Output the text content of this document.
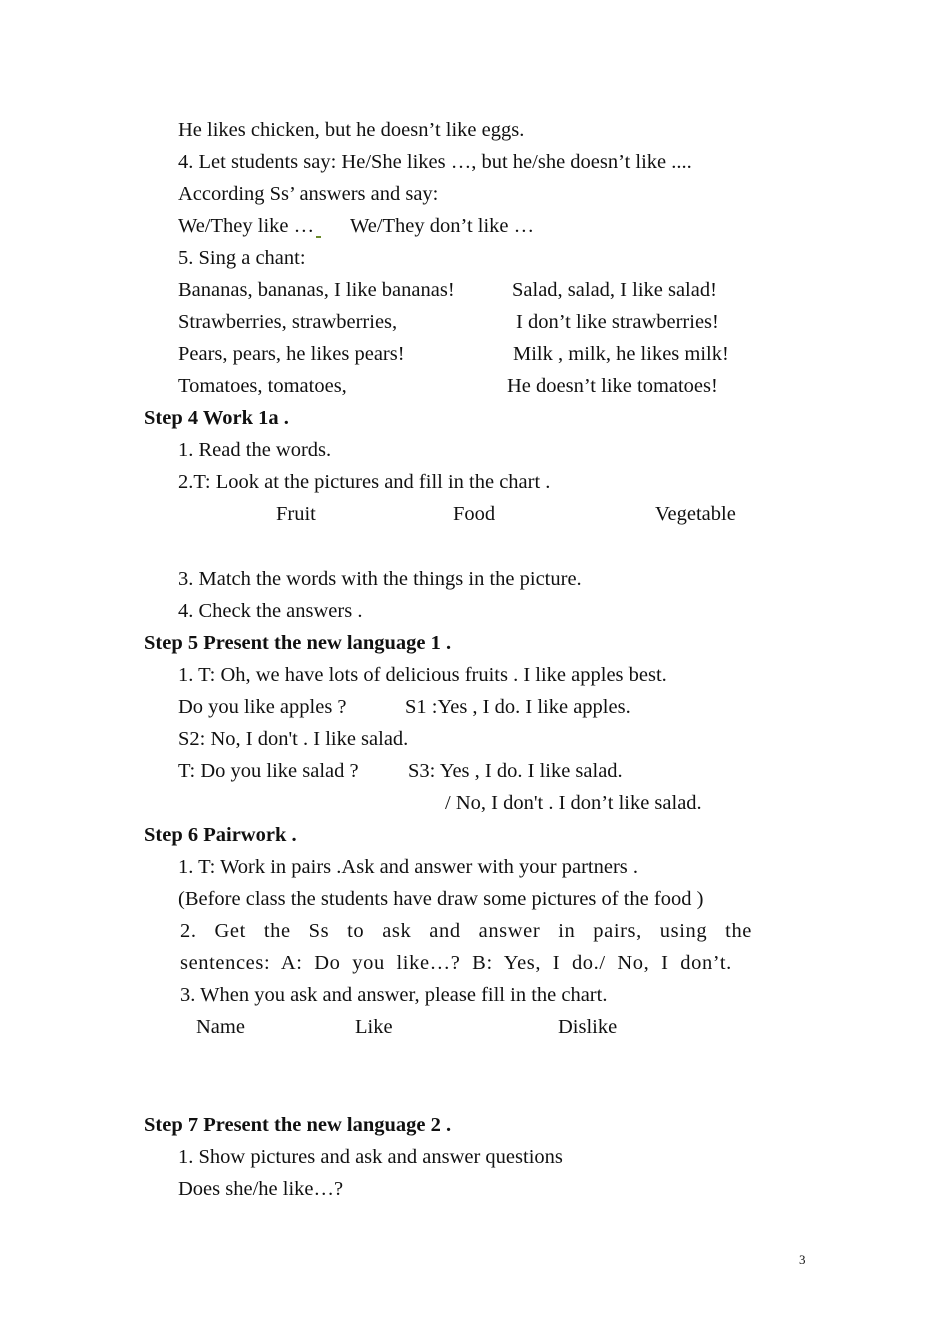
He likes chicken, but he doesn’t like eggs.
4. Let students say: He/She likes …, but he/she doesn’t like ....
According Ss’ answers and say:
We/They like …	We/They don’t like …
5. Sing a chant:
Bananas, bananas, I like bananas!	Salad, salad, I like salad!
Strawberries, strawberries,	I don’t like strawberries!
Pears, pears, he likes pears!	Milk , milk, he likes milk!
Tomatoes, tomatoes,	He doesn’t like tomatoes!
Step 4 Work 1a .
1. Read the words.
2.T: Look at the pictures and fill in the chart .
Fruit	Food	Vegetable
3. Match the words with the things in the picture.
4. Check the answers .
Step 5 Present the new language 1 .
1. T: Oh, we have lots of delicious fruits . I like apples best.
Do you like apples ?	S1 :Yes , I do. I like apples.
S2: No, I don't . I like salad.
T: Do you like salad ? S3: Yes , I do. I like salad.
/ No, I don't . I don’t like salad.
Step 6 Pairwork .
1. T: Work in pairs .Ask and answer with your partners .
(Before class the students have draw some pictures of the food )
2. Get the Ss to ask and answer in pairs, using the sentences: A: Do you like…? B: Yes, I do./ No, I don’t.
3. When you ask and answer, please fill in the chart.
Name	Like	Dislike
Step 7 Present the new language 2 .
1. Show pictures and ask and answer questions
Does she/he like…?
3
